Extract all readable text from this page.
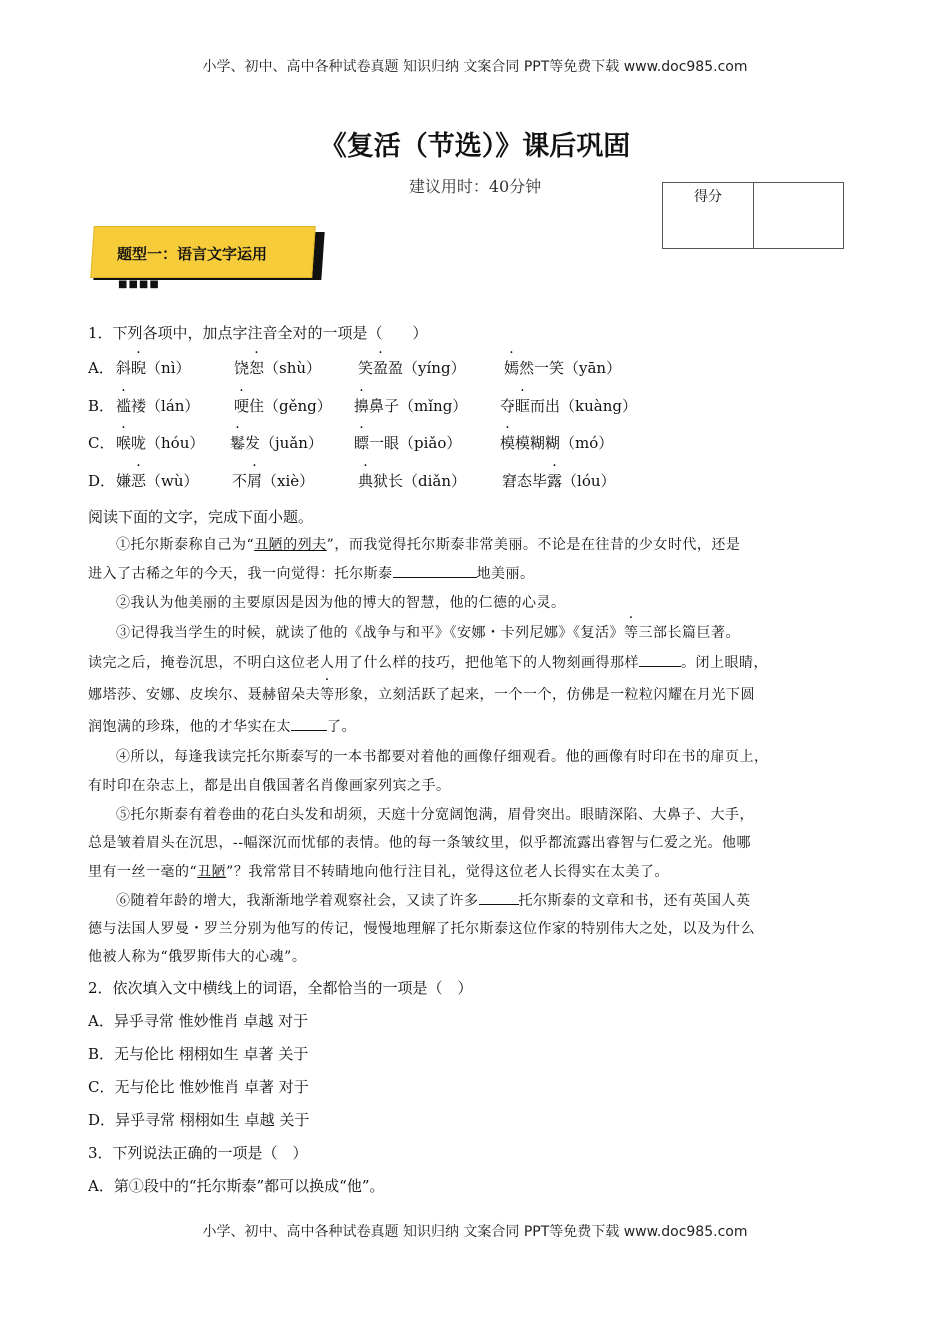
小学、初中、高中各种试卷真题 知识归纳 文案合同 PPT等免费下载 www.doc985.com
《复活（节选）》课后巩固
建议用时：40分钟
得分
题型一：语言文字运用
■■■■
1．下列各项中，加点字注音全对的一项是（　　）
A． 斜睨（nì）	饶恕（shù） 笑盈盈（yíng）	嫣然一笑（yān）
B． 褴褛（lán） 哽住（gěng） 擤鼻子（mǐng） 夺眶而出（kuàng）
C． 喉咙（hóu） 鬈发（juǎn） 瞟一眼（piǎo）	模模糊糊（mó）
D． 嫌恶（wù） 不屑（xiè）	典狱长（diǎn） 窘态毕露（lóu）
阅读下面的文字，完成下面小题。
①托尔斯泰称自己为“丑陋的列夫”，而我觉得托尔斯泰非常美丽。不论是在往昔的少女时代，还是
进入了古稀之年的今天，我一向觉得：托尔斯泰	地美丽。
②我认为他美丽的主要原因是因为他的博大的智慧，他的仁德的心灵。
③记得我当学生的时候，就读了他的《战争与和平》《安娜・卡列尼娜》《复活》等三部长篇巨著。
读完之后，掩卷沉思，不明白这位老人用了什么样的技巧，把他笔下的人物刻画得那样	。闭上眼睛，
娜塔莎、安娜、皮埃尔、聂赫留朵夫等形象，立刻活跃了起来，一个一个，仿佛是一粒粒闪耀在月光下圆
润饱满的珍珠，他的才华实在太	了。
④所以，每逢我读完托尔斯泰写的一本书都要对着他的画像仔细观看。他的画像有时印在书的扉页上，
有时印在杂志上，都是出自俄国著名肖像画家列宾之手。
⑤托尔斯泰有着卷曲的花白头发和胡须，天庭十分宽阔饱满，眉骨突出。眼睛深陷、大鼻子、大手，
总是皱着眉头在沉思，--幅深沉而忧郁的表情。他的每一条皱纹里，似乎都流露出睿智与仁爱之光。他哪
里有一丝一毫的“丑陋”？我常常目不转睛地向他行注目礼，觉得这位老人长得实在太美了。
⑥随着年龄的增大，我渐渐地学着观察社会，又读了许多	托尔斯泰的文章和书，还有英国人英
德与法国人罗曼・罗兰分别为他写的传记，慢慢地理解了托尔斯泰这位作家的特别伟大之处，以及为什么
他被人称为“俄罗斯伟大的心魂”。
2．依次填入文中横线上的词语，全都恰当的一项是（　）
A．异乎寻常 惟妙惟肖 卓越 对于
B．无与伦比 栩栩如生 卓著 关于
C．无与伦比 惟妙惟肖 卓著 对于
D．异乎寻常 栩栩如生 卓越 关于
3．下列说法正确的一项是（　）
A．第①段中的“托尔斯泰”都可以换成“他”。
小学、初中、高中各种试卷真题 知识归纳 文案合同 PPT等免费下载 www.doc985.com
